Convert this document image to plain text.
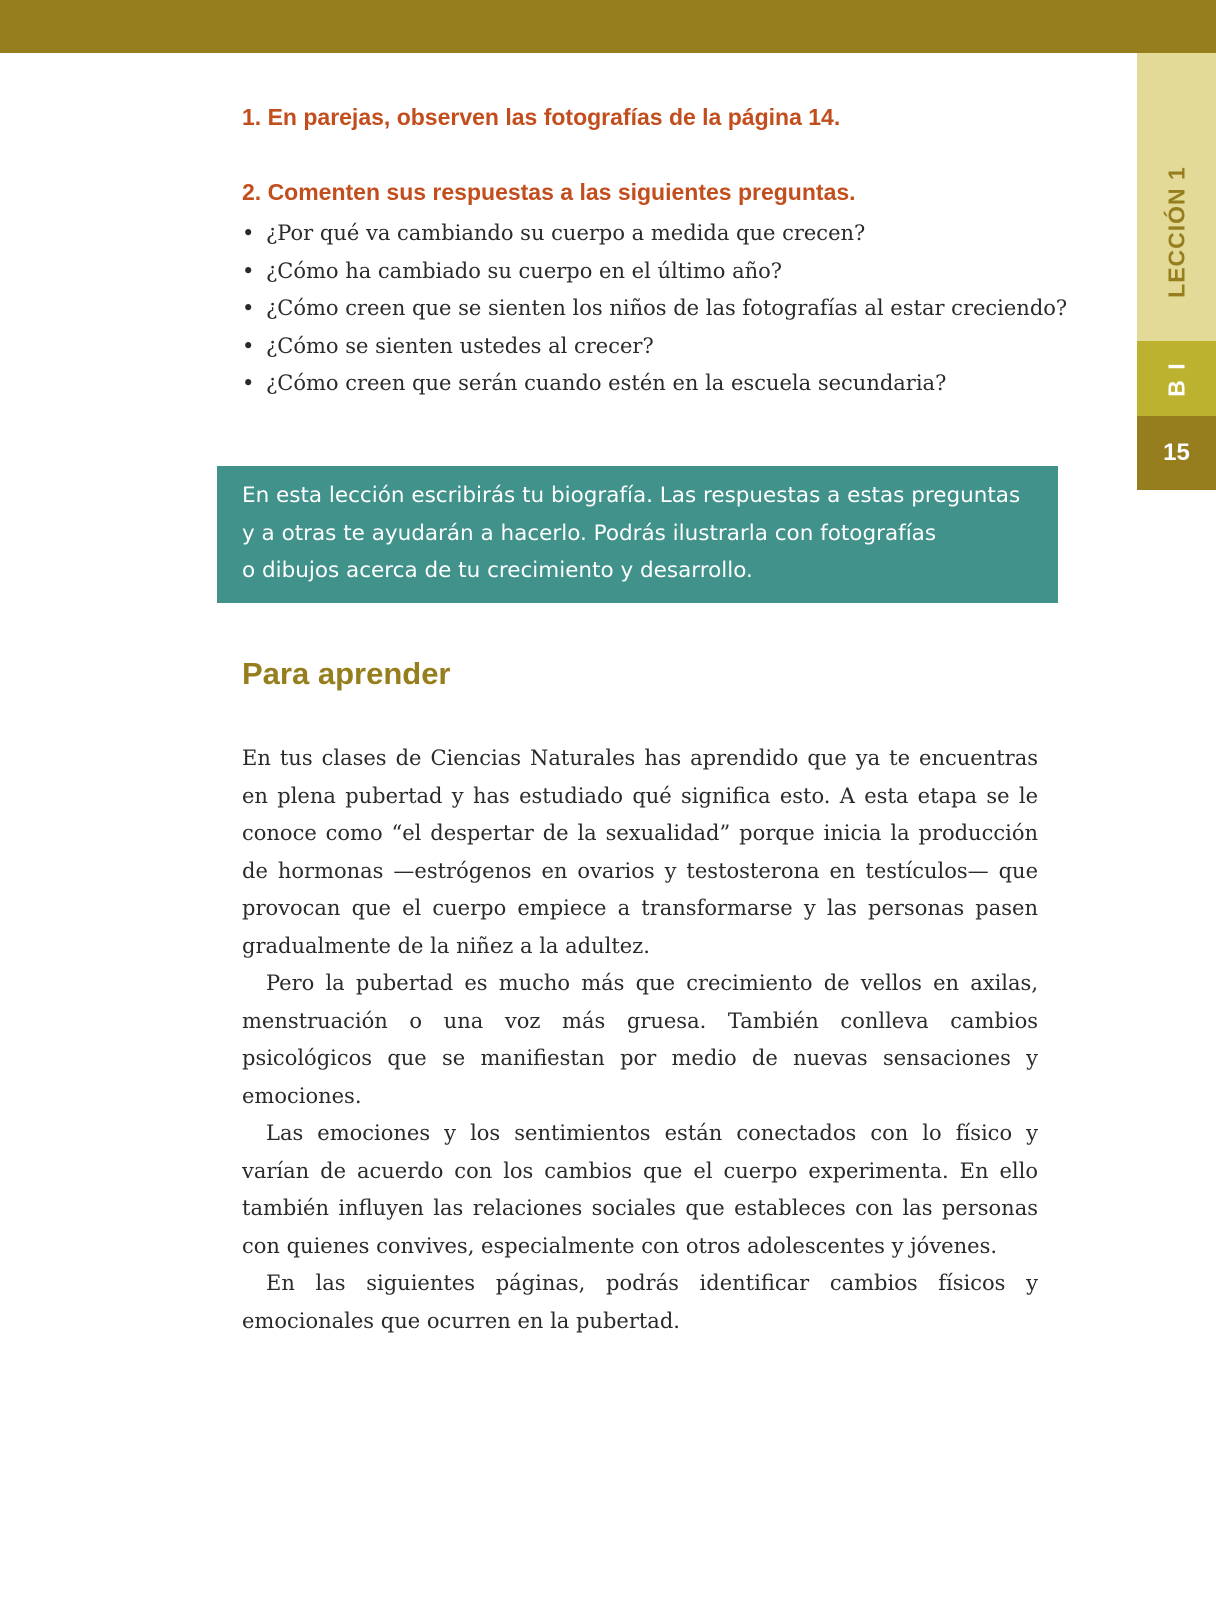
LECCIÓN 1
B I
15

1. En parejas, observen las fotografías de la página 14.

2. Comenten sus respuestas a las siguientes preguntas.

• ¿Por qué va cambiando su cuerpo a medida que crecen?
• ¿Cómo ha cambiado su cuerpo en el último año?
• ¿Cómo creen que se sienten los niños de las fotografías al estar creciendo?
• ¿Cómo se sienten ustedes al crecer?
• ¿Cómo creen que serán cuando estén en la escuela secundaria?

En esta lección escribirás tu biografía. Las respuestas a estas preguntas

y a otras te ayudarán a hacerlo. Podrás ilustrarla con fotografías

o dibujos acerca de tu crecimiento y desarrollo.

Para aprender

En tus clases de Ciencias Naturales has aprendido que ya te encuentras en plena pubertad y has estudiado qué significa esto. A esta etapa se le conoce como “el despertar de la sexualidad” porque inicia la producción de hormonas —estrógenos en ovarios y testosterona en testículos— que provocan que el cuerpo empiece a transformarse y las personas pasen gradualmente de la niñez a la adultez.

Pero la pubertad es mucho más que crecimiento de vellos en axilas, menstruación o una voz más gruesa. También conlleva cambios psicológicos que se manifiestan por medio de nuevas sensaciones y emociones.

Las emociones y los sentimientos están conectados con lo físico y varían de acuerdo con los cambios que el cuerpo experimenta. En ello también influyen las relaciones sociales que estableces con las personas con quienes convives, especialmente con otros adolescentes y jóvenes.

En las siguientes páginas, podrás identificar cambios físicos y emocionales que ocurren en la pubertad.
